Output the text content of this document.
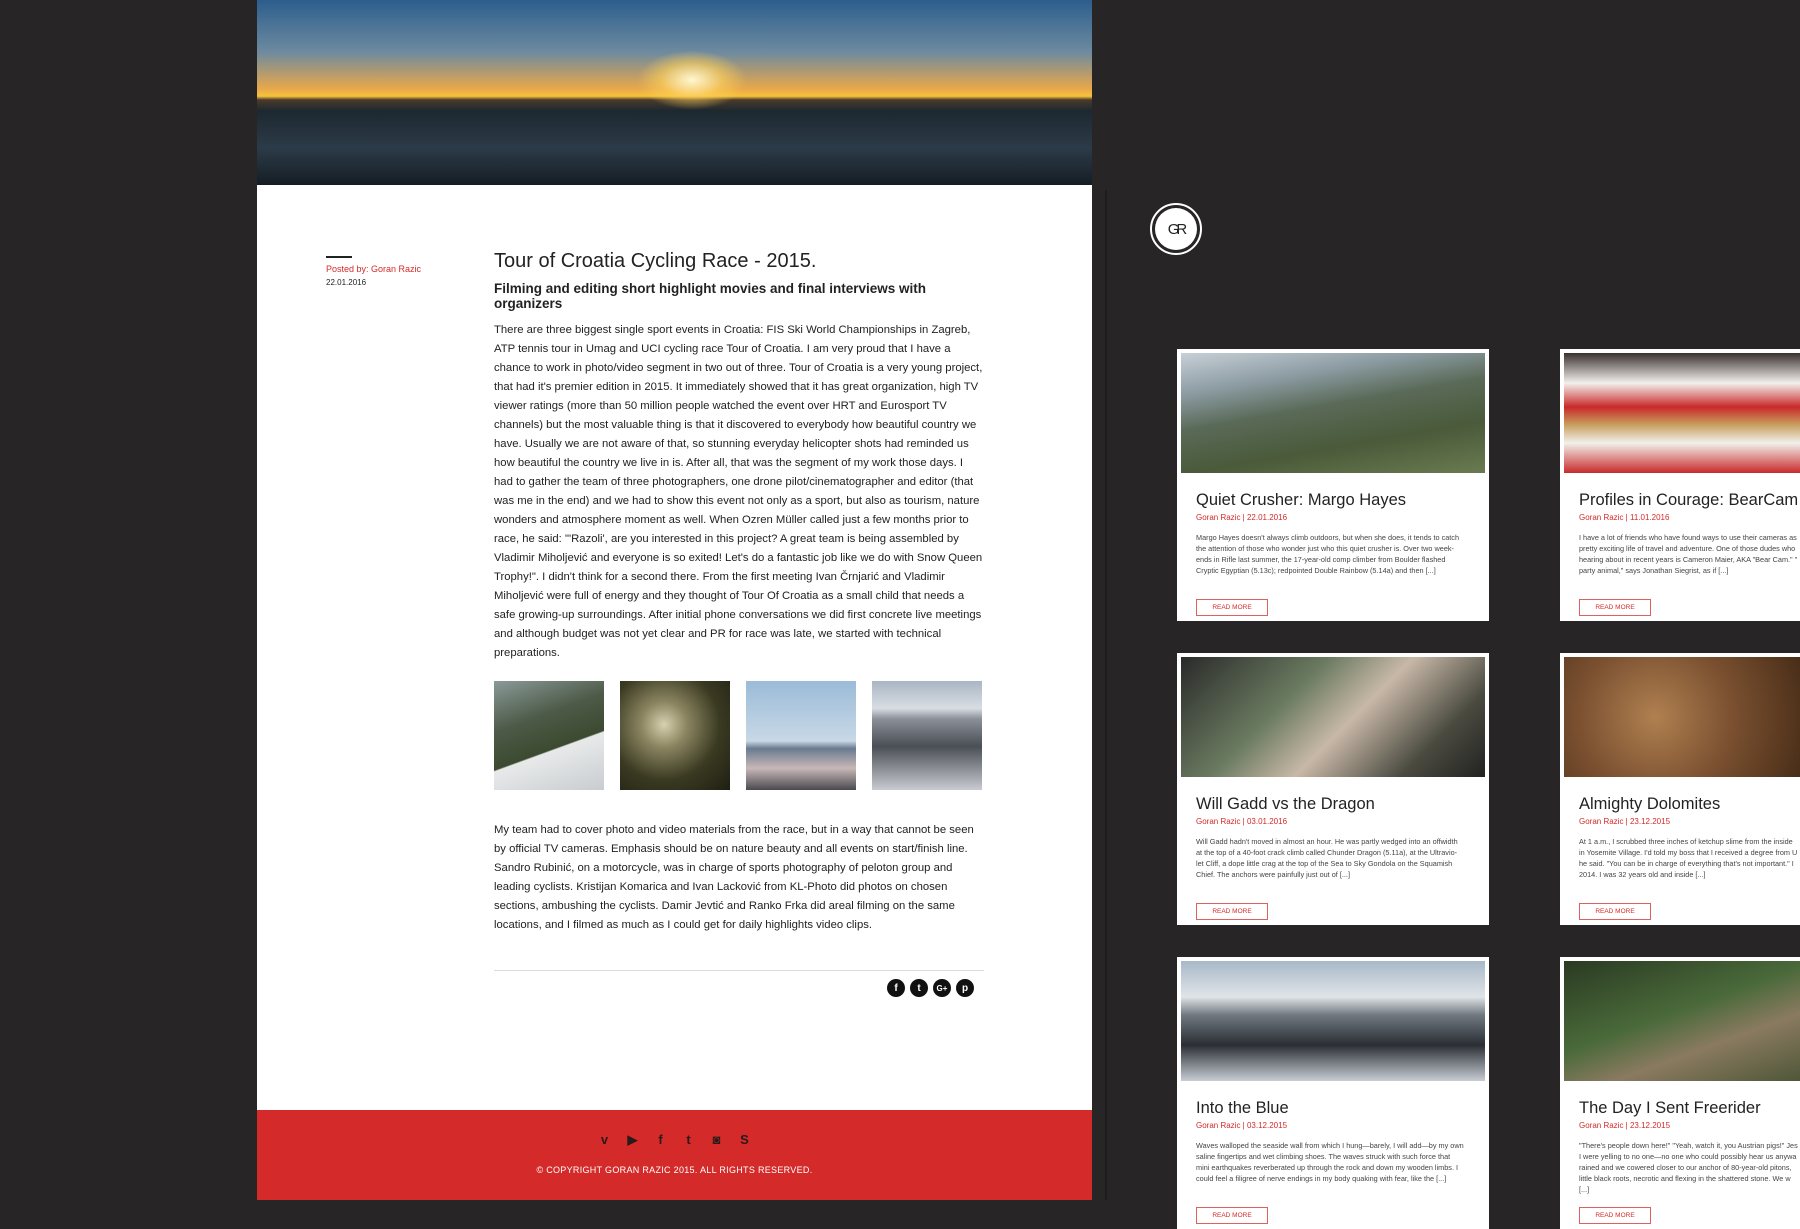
Posted by: Goran Razic
22.01.2016
Tour of Croatia Cycling Race - 2015.
Filming and editing short highlight movies and final interviews with organizers

There are three biggest single sport events in Croatia: FIS Ski World Championships in Zagreb, ATP tennis tour in Umag and UCI cycling race Tour of Croatia. I am very proud that I have a chance to work in photo/video segment in two out of three. Tour of Croatia is a very young project, that had it's premier edition in 2015. It immediately showed that it has great organization, high TV viewer ratings (more than 50 million people watched the event over HRT and Eurosport TV channels) but the most valuable thing is that it discovered to everybody how beautiful country we have. Usually we are not aware of that, so stunning everyday helicopter shots had reminded us how beautiful the country we live in is. After all, that was the segment of my work those days. I had to gather the team of three photographers, one drone pilot/cinematographer and editor (that was me in the end) and we had to show this event not only as a sport, but also as tourism, nature wonders and atmosphere moment as well. When Ozren Müller called just a few months prior to race, he said: "'Razoli', are you interested in this project? A great team is being assembled by Vladimir Miholjević and everyone is so exited! Let's do a fantastic job like we do with Snow Queen Trophy!". I didn't think for a second there. From the first meeting Ivan Črnjarić and Vladimir Miholjević were full of energy and they thought of Tour Of Croatia as a small child that needs a safe growing-up surroundings. After initial phone conversations we did first concrete live meetings and although budget was not yet clear and PR for race was late, we started with technical preparations.

My team had to cover photo and video materials from the race, but in a way that cannot be seen by official TV cameras. Emphasis should be on nature beauty and all events on start/finish line. Sandro Rubinić, on a motorcycle, was in charge of sports photography of peloton group and leading cyclists. Kristijan Komarica and Ivan Lacković from KL-Photo did photos on chosen sections, ambushing the cyclists. Damir Jevtić and Ranko Frka did areal filming on the same locations, and I filmed as much as I could get for daily highlights video clips.

f	t	G+	p
v ▶	f	t	◙ S
© COPYRIGHT GORAN RAZIC 2015. ALL RIGHTS RESERVED.
GR
Quiet Crusher: Margo Hayes
Goran Razic | 22.01.2016
Margo Hayes doesn't always climb outdoors, but when she does, it tends to catch
the attention of those who wonder just who this quiet crusher is. Over two week-
ends in Rifle last summer, the 17-year-old comp climber from Boulder flashed
Cryptic Egyptian (5.13c); redpointed Double Rainbow (5.14a) and then [...]
READ MORE
Profiles in Courage: BearCam
Goran Razic | 11.01.2016
I have a lot of friends who have found ways to use their cameras as
pretty exciting life of travel and adventure. One of those dudes who
hearing about in recent years is Cameron Maier, AKA "Bear Cam." "
party animal," says Jonathan Siegrist, as if [...]
READ MORE
Will Gadd vs the Dragon
Goran Razic | 03.01.2016
Will Gadd hadn't moved in almost an hour. He was partly wedged into an offwidth
at the top of a 40-foot crack climb called Chunder Dragon (5.11a), at the Ultravio-
let Cliff, a dope little crag at the top of the Sea to Sky Gondola on the Squamish
Chief. The anchors were painfully just out of [...]
READ MORE
Almighty Dolomites
Goran Razic | 23.12.2015
At 1 a.m., I scrubbed three inches of ketchup slime from the inside
in Yosemite Village. I'd told my boss that I received a degree from U
he said. "You can be in charge of everything that's not important." I
2014. I was 32 years old and inside [...]
READ MORE
Into the Blue
Goran Razic | 03.12.2015
Waves walloped the seaside wall from which I hung—barely, I will add—by my own
saline fingertips and wet climbing shoes. The waves struck with such force that
mini earthquakes reverberated up through the rock and down my wooden limbs. I
could feel a filigree of nerve endings in my body quaking with fear, like the [...]
READ MORE
The Day I Sent Freerider
Goran Razic | 23.12.2015
"There's people down here!" "Yeah, watch it, you Austrian pigs!" Jes
I were yelling to no one—no one who could possibly hear us anywa
rained and we cowered closer to our anchor of 80-year-old pitons,
little black roots, necrotic and flexing in the shattered stone. We w
[...]
READ MORE
